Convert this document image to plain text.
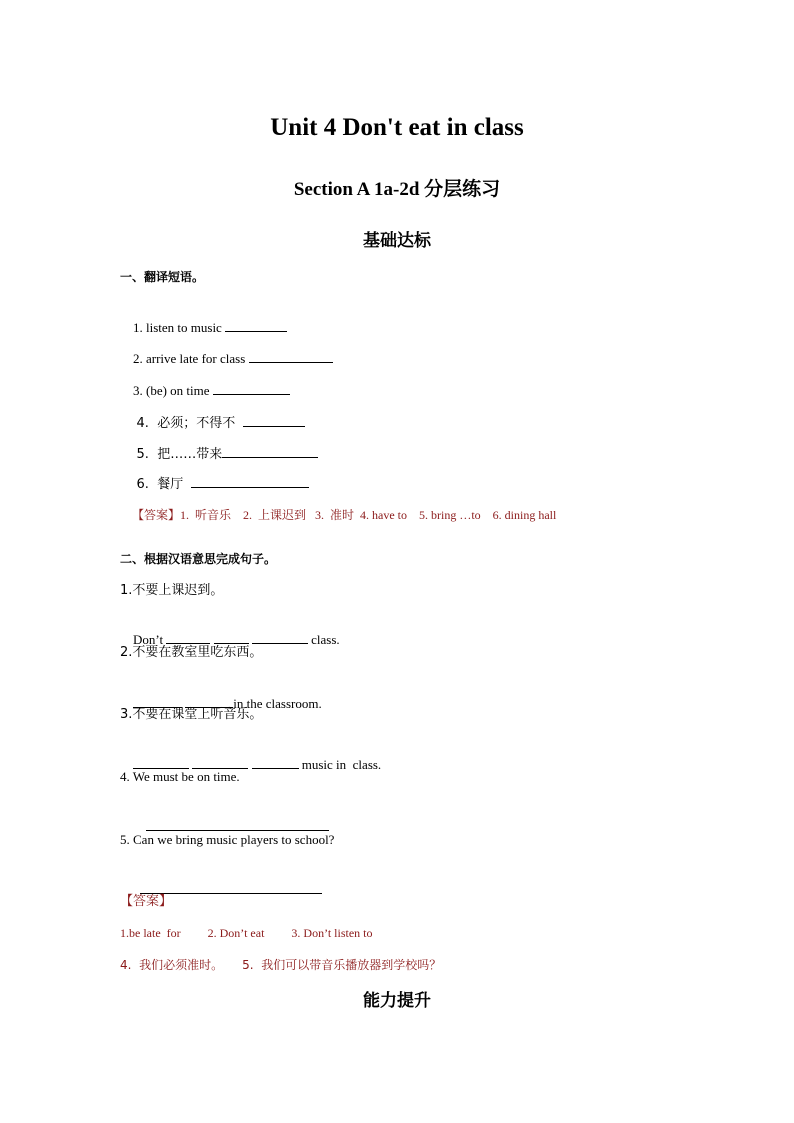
Unit 4 Don't eat in class
Section A 1a-2d 分层练习
基础达标
一、翻译短语。

1. listen to music

2. arrive late for class

3. (be) on time

4.  必须；不得不

5.  把……带来

6.  餐厅

【答案】1.  听音乐    2.  上课迟到   3.  准时  4. have to    5. bring …to    6. dining hall

二、根据汉语意思完成句子。
1.不要上课迟到。

Don’t	class.

2.不要在教室里吃东西。

in the classroom.

3.不要在课堂上听音乐。

music in  class.

4. We must be on time.

5. Can we bring music players to school?

【答案】
1.be late  for         2. Don’t eat         3. Don’t listen to
4.  我们必须准时。     5.  我们可以带音乐播放器到学校吗？
能力提升
